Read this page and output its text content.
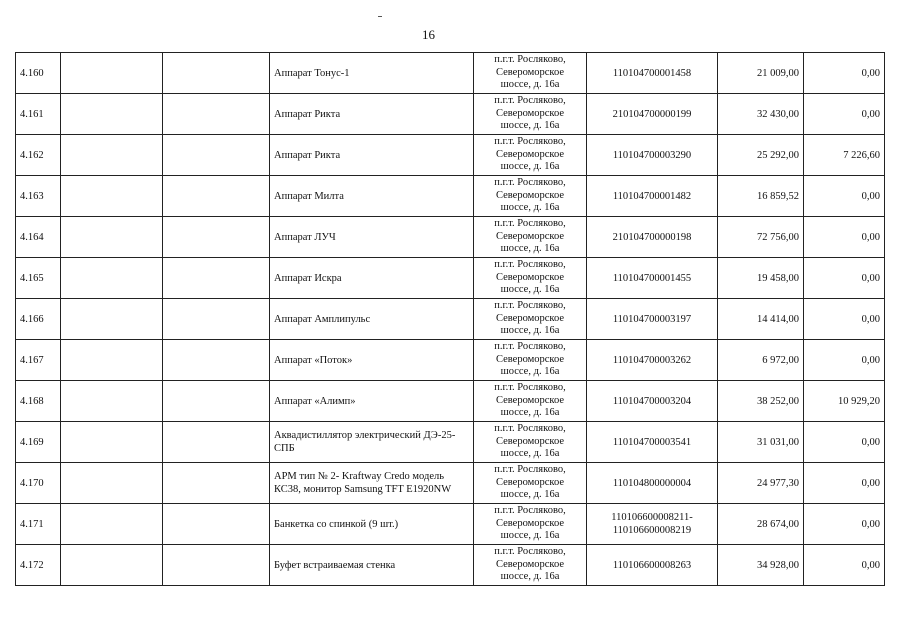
16
4.160			Аппарат Тонус-1	п.г.т. Росляково,
Североморское
шоссе, д. 16а	110104700001458	21 009,00	0,00
4.161			Аппарат Рикта	п.г.т. Росляково,
Североморское
шоссе, д. 16а	210104700000199	32 430,00	0,00
4.162			Аппарат Рикта	п.г.т. Росляково,
Североморское
шоссе, д. 16а	110104700003290	25 292,00	7 226,60
4.163			Аппарат Милта	п.г.т. Росляково,
Североморское
шоссе, д. 16а	110104700001482	16 859,52	0,00
4.164			Аппарат ЛУЧ	п.г.т. Росляково,
Североморское
шоссе, д. 16а	210104700000198	72 756,00	0,00
4.165			Аппарат Искра	п.г.т. Росляково,
Североморское
шоссе, д. 16а	110104700001455	19 458,00	0,00
4.166			Аппарат Амплипульс	п.г.т. Росляково,
Североморское
шоссе, д. 16а	110104700003197	14 414,00	0,00
4.167			Аппарат «Поток»	п.г.т. Росляково,
Североморское
шоссе, д. 16а	110104700003262	6 972,00	0,00
4.168			Аппарат «Алимп»	п.г.т. Росляково,
Североморское
шоссе, д. 16а	110104700003204	38 252,00	10 929,20
4.169			Аквадистиллятор электрический ДЭ-25-СПБ	п.г.т. Росляково,
Североморское
шоссе, д. 16а	110104700003541	31 031,00	0,00
4.170			АРМ тип № 2- Kraftway Credo модель КС38, монитор Samsung TFT E1920NW	п.г.т. Росляково,
Североморское
шоссе, д. 16а	110104800000004	24 977,30	0,00
4.171			Банкетка со спинкой (9 шт.)	п.г.т. Росляково,
Североморское
шоссе, д. 16а	110106600008211-110106600008219	28 674,00	0,00
4.172			Буфет встраиваемая стенка	п.г.т. Росляково,
Североморское
шоссе, д. 16а	110106600008263	34 928,00	0,00
